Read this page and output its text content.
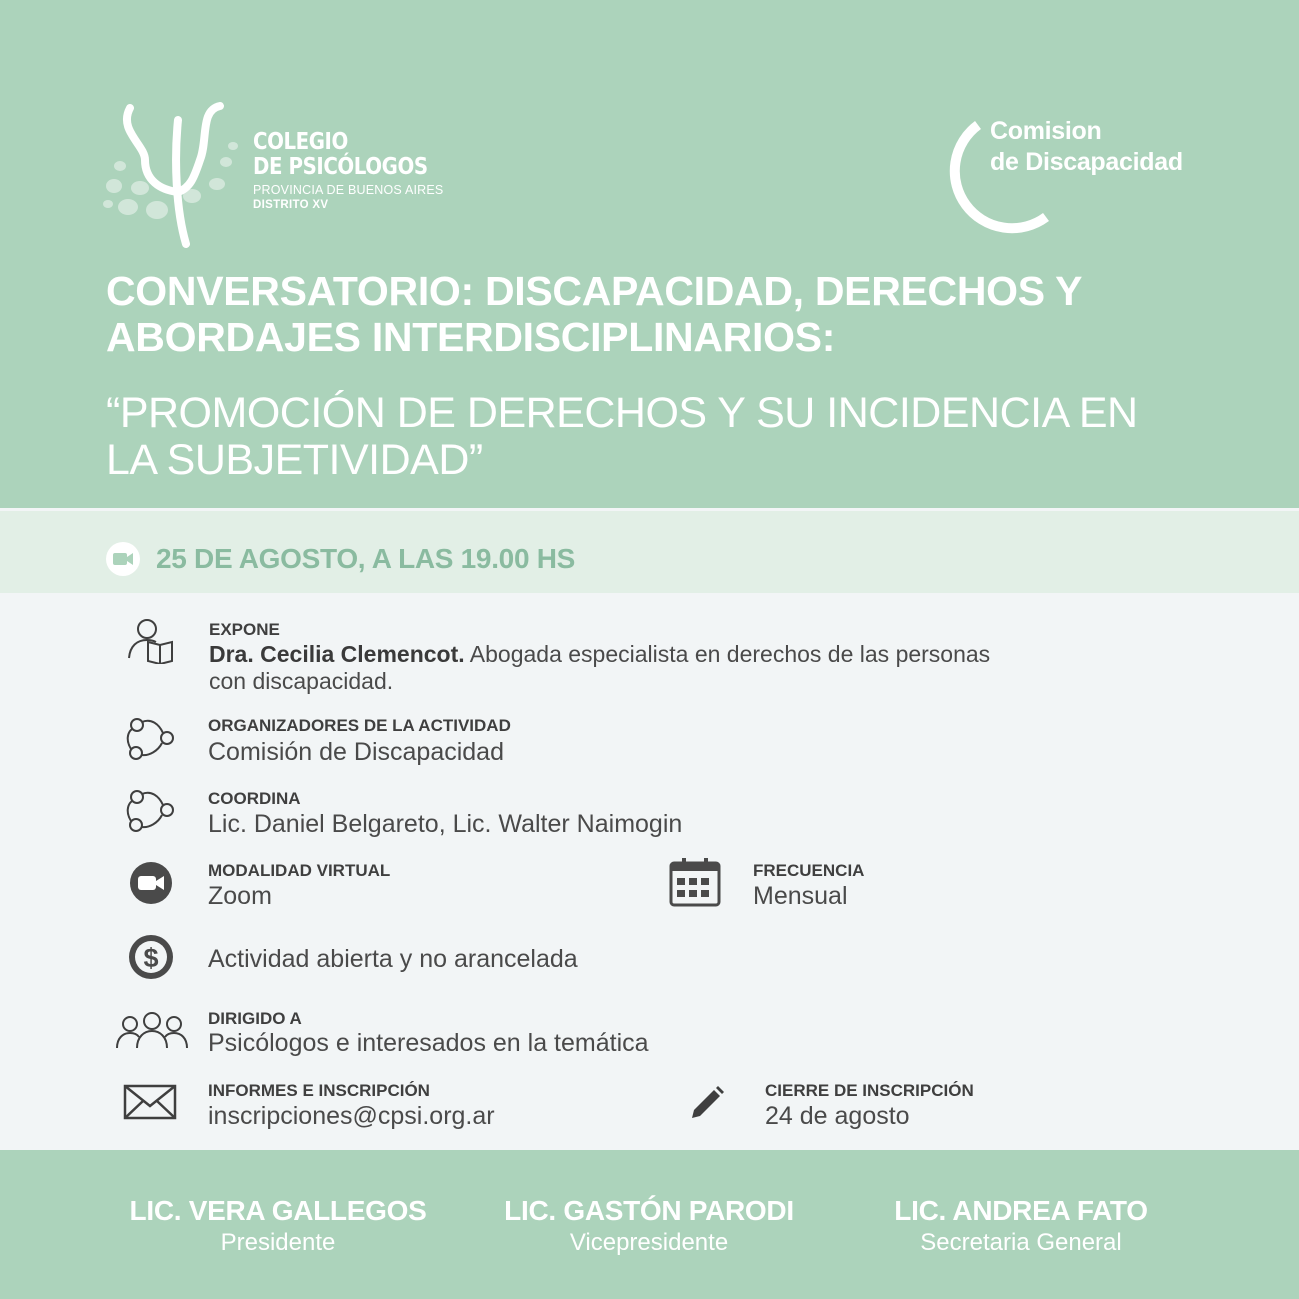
COLEGIO
DE PSICÓLOGOS
PROVINCIA DE BUENOS AIRES
DISTRITO XV
Comision
de Discapacidad
CONVERSATORIO: DISCAPACIDAD, DERECHOS Y
ABORDAJES INTERDISCIPLINARIOS:
“PROMOCIÓN DE DERECHOS Y SU INCIDENCIA EN
LA SUBJETIVIDAD”
25 DE AGOSTO, A LAS 19.00 HS
EXPONE
Dra. Cecilia Clemencot. Abogada especialista en derechos de las personas
con discapacidad.
ORGANIZADORES DE LA ACTIVIDAD
Comisión de Discapacidad
COORDINA
Lic. Daniel Belgareto, Lic. Walter Naimogin
MODALIDAD VIRTUAL
Zoom
FRECUENCIA
Mensual
$ Actividad abierta y no arancelada
DIRIGIDO A
Psicólogos e interesados en la temática
INFORMES E INSCRIPCIÓN
inscripciones@cpsi.org.ar
CIERRE DE INSCRIPCIÓN
24 de agosto
LIC. VERA GALLEGOS
Presidente
LIC. GASTÓN PARODI
Vicepresidente
LIC. ANDREA FATO
Secretaria General
